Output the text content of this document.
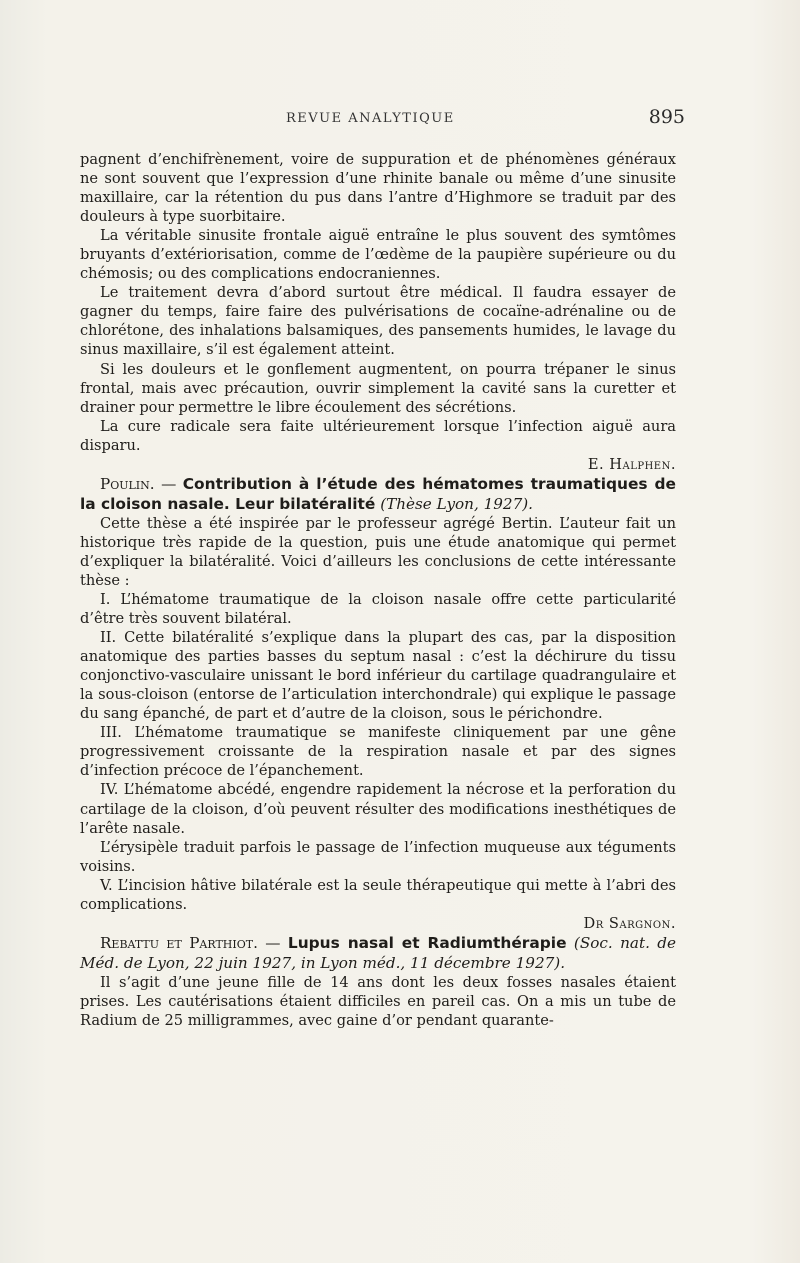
REVUE ANALYTIQUE	895

pagnent d’enchifrènement, voire de suppuration et de phénomènes généraux ne sont souvent que l’expression d’une rhinite banale ou même d’une sinusite maxillaire, car la rétention du pus dans l’antre d’Highmore se traduit par des douleurs à type suorbitaire.

La véritable sinusite frontale aiguë entraîne le plus souvent des symtômes bruyants d’extériorisation, comme de l’œdème de la paupière supérieure ou du chémosis; ou des complications endocraniennes.

Le traitement devra d’abord surtout être médical. Il faudra essayer de gagner du temps, faire faire des pulvérisations de cocaïne-adrénaline ou de chlorétone, des inhalations balsamiques, des pansements humides, le lavage du sinus maxillaire, s’il est également atteint.

Si les douleurs et le gonflement augmentent, on pourra trépaner le sinus frontal, mais avec précaution, ouvrir simplement la cavité sans la curetter et drainer pour permettre le libre écoulement des sécrétions.

La cure radicale sera faite ultérieurement lorsque l’infection aiguë aura disparu.

E. Halphen.

Poulin. — Contribution à l’étude des hématomes traumatiques de la cloison nasale. Leur bilatéralité (Thèse Lyon, 1927).

Cette thèse a été inspirée par le professeur agrégé Bertin. L’auteur fait un historique très rapide de la question, puis une étude anatomique qui permet d’expliquer la bilatéralité. Voici d’ailleurs les conclusions de cette intéressante thèse :

I. L’hématome traumatique de la cloison nasale offre cette particularité d’être très souvent bilatéral.

II. Cette bilatéralité s’explique dans la plupart des cas, par la disposition anatomique des parties basses du septum nasal : c’est la déchirure du tissu conjonctivo-vasculaire unissant le bord inférieur du cartilage quadrangulaire et la sous-cloison (entorse de l’articulation interchondrale) qui explique le passage du sang épanché, de part et d’autre de la cloison, sous le périchondre.

III. L’hématome traumatique se manifeste cliniquement par une gêne progressivement croissante de la respiration nasale et par des signes d’infection précoce de l’épanchement.

IV. L’hématome abcédé, engendre rapidement la nécrose et la perforation du cartilage de la cloison, d’où peuvent résulter des modifications inesthétiques de l’arête nasale.

L’érysipèle traduit parfois le passage de l’infection muqueuse aux téguments voisins.

V. L’incision hâtive bilatérale est la seule thérapeutique qui mette à l’abri des complications.

Dr Sargnon.

Rebattu et Parthiot. — Lupus nasal et Radiumthérapie (Soc. nat. de Méd. de Lyon, 22 juin 1927, in Lyon méd., 11 décembre 1927).

Il s’agit d’une jeune fille de 14 ans dont les deux fosses nasales étaient prises. Les cautérisations étaient difficiles en pareil cas. On a mis un tube de Radium de 25 milligrammes, avec gaine d’or pendant quarante-
